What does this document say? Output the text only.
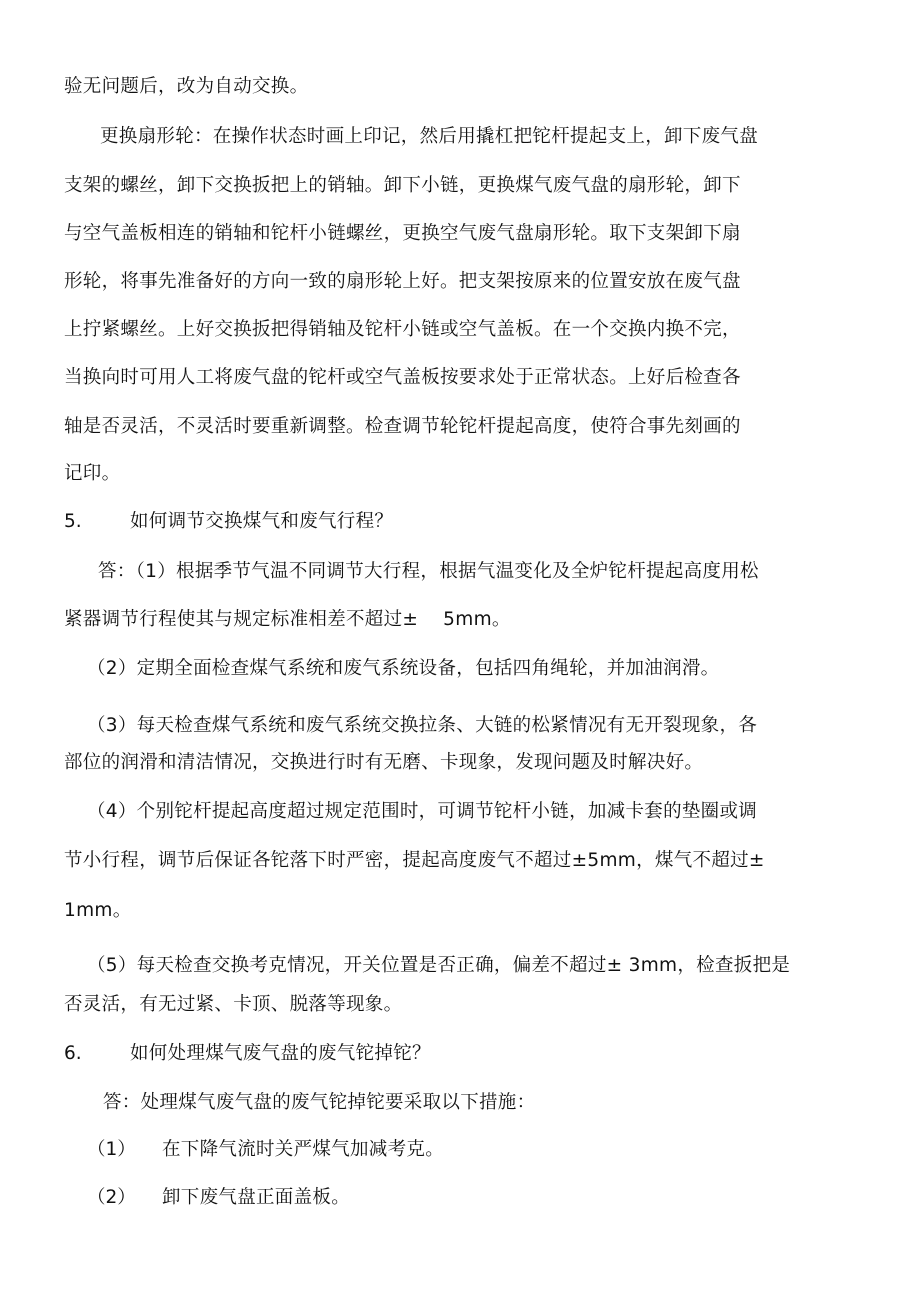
验无问题后，改为自动交换。
更换扇形轮：在操作状态时画上印记，然后用撬杠把铊杆提起支上，卸下废气盘
支架的螺丝，卸下交换扳把上的销轴。卸下小链，更换煤气废气盘的扇形轮，卸下
与空气盖板相连的销轴和铊杆小链螺丝，更换空气废气盘扇形轮。取下支架卸下扇
形轮，将事先准备好的方向一致的扇形轮上好。把支架按原来的位置安放在废气盘
上拧紧螺丝。上好交换扳把得销轴及铊杆小链或空气盖板。在一个交换内换不完，
当换向时可用人工将废气盘的铊杆或空气盖板按要求处于正常状态。上好后检查各
轴是否灵活，不灵活时要重新调整。检查调节轮铊杆提起高度，使符合事先刻画的
记印。
5.	如何调节交换煤气和废气行程？
答：（1）根据季节气温不同调节大行程，根据气温变化及全炉铊杆提起高度用松
紧器调节行程使其与规定标准相差不超过±　 5mm。
（2）定期全面检查煤气系统和废气系统设备，包括四角绳轮，并加油润滑。
（3）每天检查煤气系统和废气系统交换拉条、大链的松紧情况有无开裂现象，各
部位的润滑和清洁情况，交换进行时有无磨、卡现象，发现问题及时解决好。
（4）个别铊杆提起高度超过规定范围时，可调节铊杆小链，加减卡套的垫圈或调
节小行程，调节后保证各铊落下时严密，提起高度废气不超过±5mm，煤气不超过±
1mm。
（5）每天检查交换考克情况，开关位置是否正确，偏差不超过± 3mm，检查扳把是
否灵活，有无过紧、卡顶、脱落等现象。
6.	如何处理煤气废气盘的废气铊掉铊？
答：处理煤气废气盘的废气铊掉铊要采取以下措施：
（1） 在下降气流时关严煤气加减考克。
（2） 卸下废气盘正面盖板。
